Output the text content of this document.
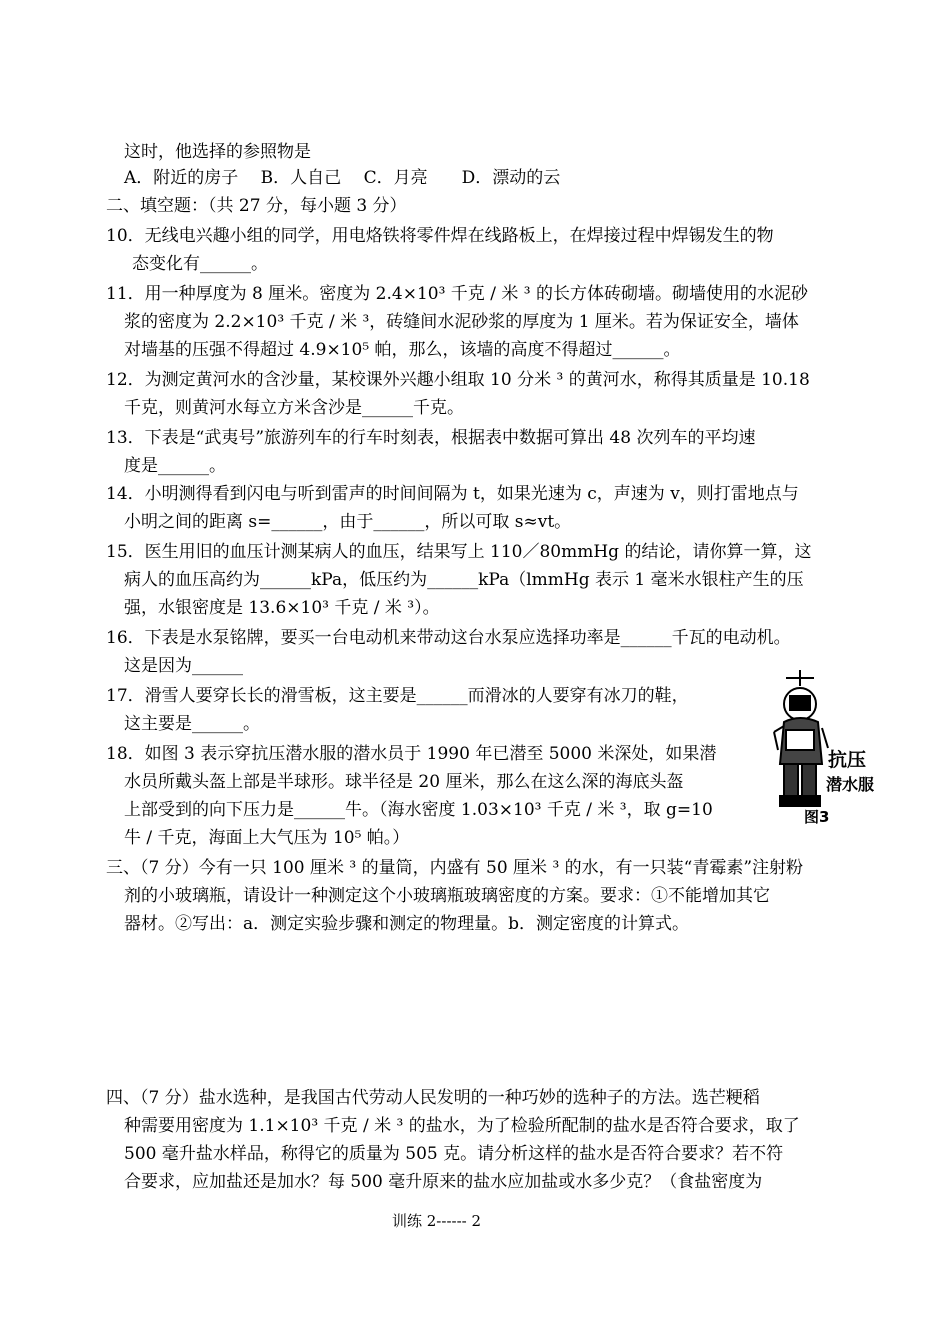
这时，他选择的参照物是
A．附近的房子　 B．人自己　 C．月亮　　D．漂动的云
二、填空题：（共 27 分，每小题 3 分）
10．无线电兴趣小组的同学，用电烙铁将零件焊在线路板上，在焊接过程中焊锡发生的物
态变化有______。
11．用一种厚度为 8 厘米。密度为 2.4×10³ 千克 / 米 ³ 的长方体砖砌墙。砌墙使用的水泥砂
浆的密度为 2.2×10³ 千克 / 米 ³，砖缝间水泥砂浆的厚度为 1 厘米。若为保证安全，墙体
对墙基的压强不得超过 4.9×10⁵ 帕，那么，该墙的高度不得超过______。
12．为测定黄河水的含沙量，某校课外兴趣小组取 10 分米 ³ 的黄河水，称得其质量是 10.18
千克，则黄河水每立方米含沙是______千克。
13．下表是“武夷号”旅游列车的行车时刻表，根据表中数据可算出 48 次列车的平均速
度是______。
14．小明测得看到闪电与听到雷声的时间间隔为 t，如果光速为 c，声速为 v，则打雷地点与
小明之间的距离 s=______，由于______，所以可取 s≈vt。
15．医生用旧的血压计测某病人的血压，结果写上 110／80mmHg 的结论，请你算一算，这
病人的血压高约为______kPa，低压约为______kPa（lmmHg 表示 1 毫米水银柱产生的压
强，水银密度是 13.6×10³ 千克 / 米 ³）。
16．下表是水泵铭牌，要买一台电动机来带动这台水泵应选择功率是______千瓦的电动机。
这是因为______
17．滑雪人要穿长长的滑雪板，这主要是______而滑冰的人要穿有冰刀的鞋，
这主要是______。
18．如图 3 表示穿抗压潜水服的潜水员于 1990 年已潜至 5000 米深处，如果潜
水员所戴头盔上部是半球形。球半径是 20 厘米，那么在这么深的海底头盔
上部受到的向下压力是______牛。（海水密度 1.03×10³ 千克 / 米 ³，取 g=10
牛 / 千克，海面上大气压为 10⁵ 帕。）
三、（7 分）今有一只 100 厘米 ³ 的量筒，内盛有 50 厘米 ³ 的水，有一只装“青霉素”注射粉
剂的小玻璃瓶，请设计一种测定这个小玻璃瓶玻璃密度的方案。要求：①不能增加其它
器材。②写出：a．测定实验步骤和测定的物理量。b．测定密度的计算式。
四、（7 分）盐水选种，是我国古代劳动人民发明的一种巧妙的选种子的方法。选芒粳稻
种需要用密度为 1.1×10³ 千克 / 米 ³ 的盐水，为了检验所配制的盐水是否符合要求，取了
500 毫升盐水样品，称得它的质量为 505 克。请分析这样的盐水是否符合要求？若不符
合要求，应加盐还是加水？每 500 毫升原来的盐水应加盐或水多少克？（食盐密度为
抗压
潜水服
图3
训练 2------ 2
